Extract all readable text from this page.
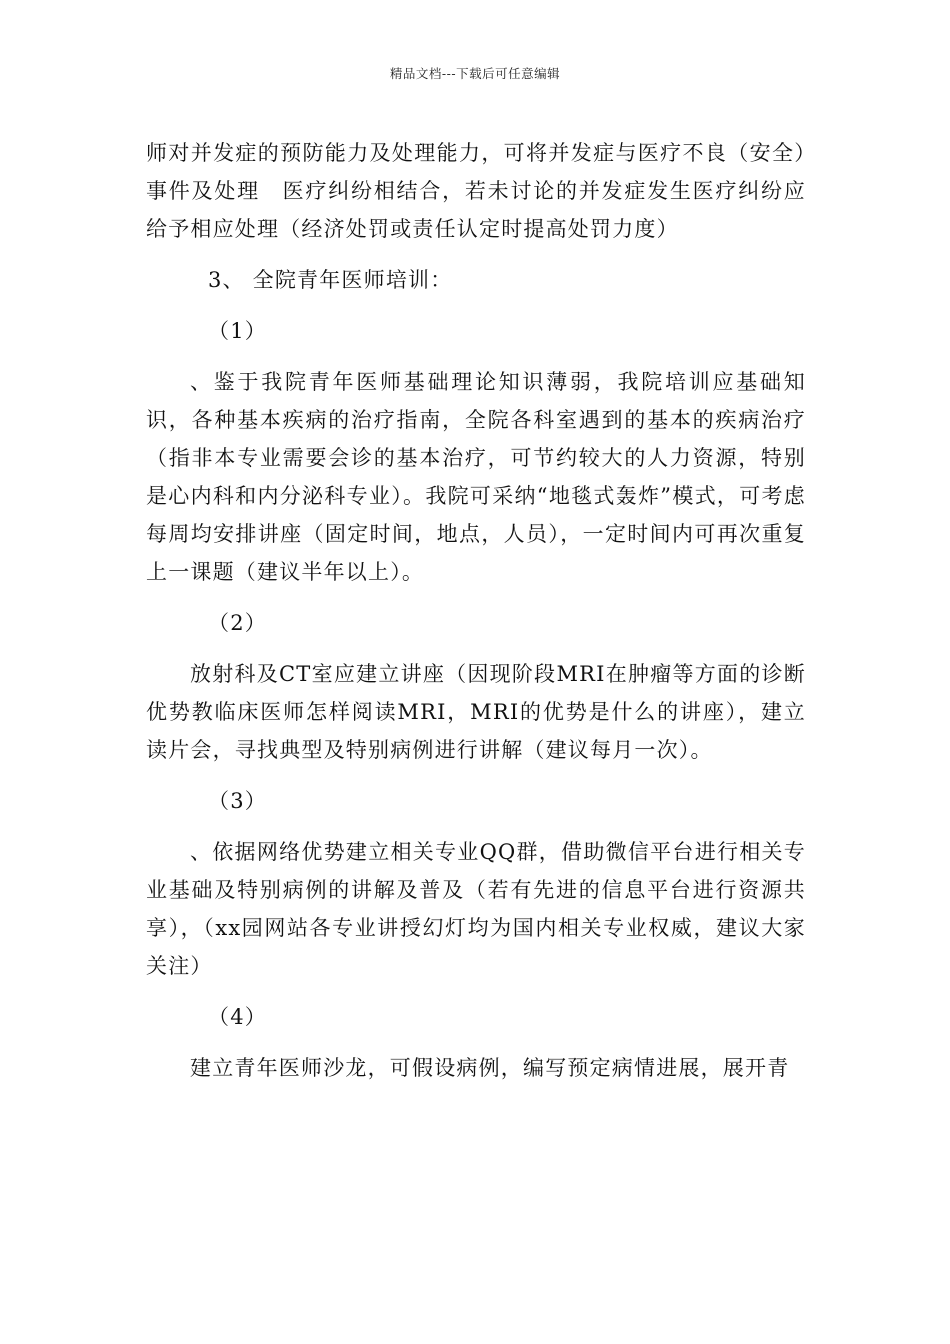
精品文档---下载后可任意编辑

师对并发症的预防能力及处理能力，可将并发症与医疗不良（安全）事件及处理　医疗纠纷相结合，若未讨论的并发症发生医疗纠纷应给予相应处理（经济处罚或责任认定时提高处罚力度）

3、 全院青年医师培训：

（1）

、鉴于我院青年医师基础理论知识薄弱，我院培训应基础知识，各种基本疾病的治疗指南，全院各科室遇到的基本的疾病治疗（指非本专业需要会诊的基本治疗，可节约较大的人力资源，特别是心内科和内分泌科专业）。我院可采纳“地毯式轰炸”模式，可考虑每周均安排讲座（固定时间，地点，人员），一定时间内可再次重复上一课题（建议半年以上）。

（2）

放射科及CT室应建立讲座（因现阶段MRI在肿瘤等方面的诊断优势教临床医师怎样阅读MRI，MRI的优势是什么的讲座），建立读片会，寻找典型及特别病例进行讲解（建议每月一次）。

（3）

、依据网络优势建立相关专业QQ群，借助微信平台进行相关专业基础及特别病例的讲解及普及（若有先进的信息平台进行资源共享），（xx园网站各专业讲授幻灯均为国内相关专业权威，建议大家关注）

（4）

建立青年医师沙龙，可假设病例，编写预定病情进展，展开青
